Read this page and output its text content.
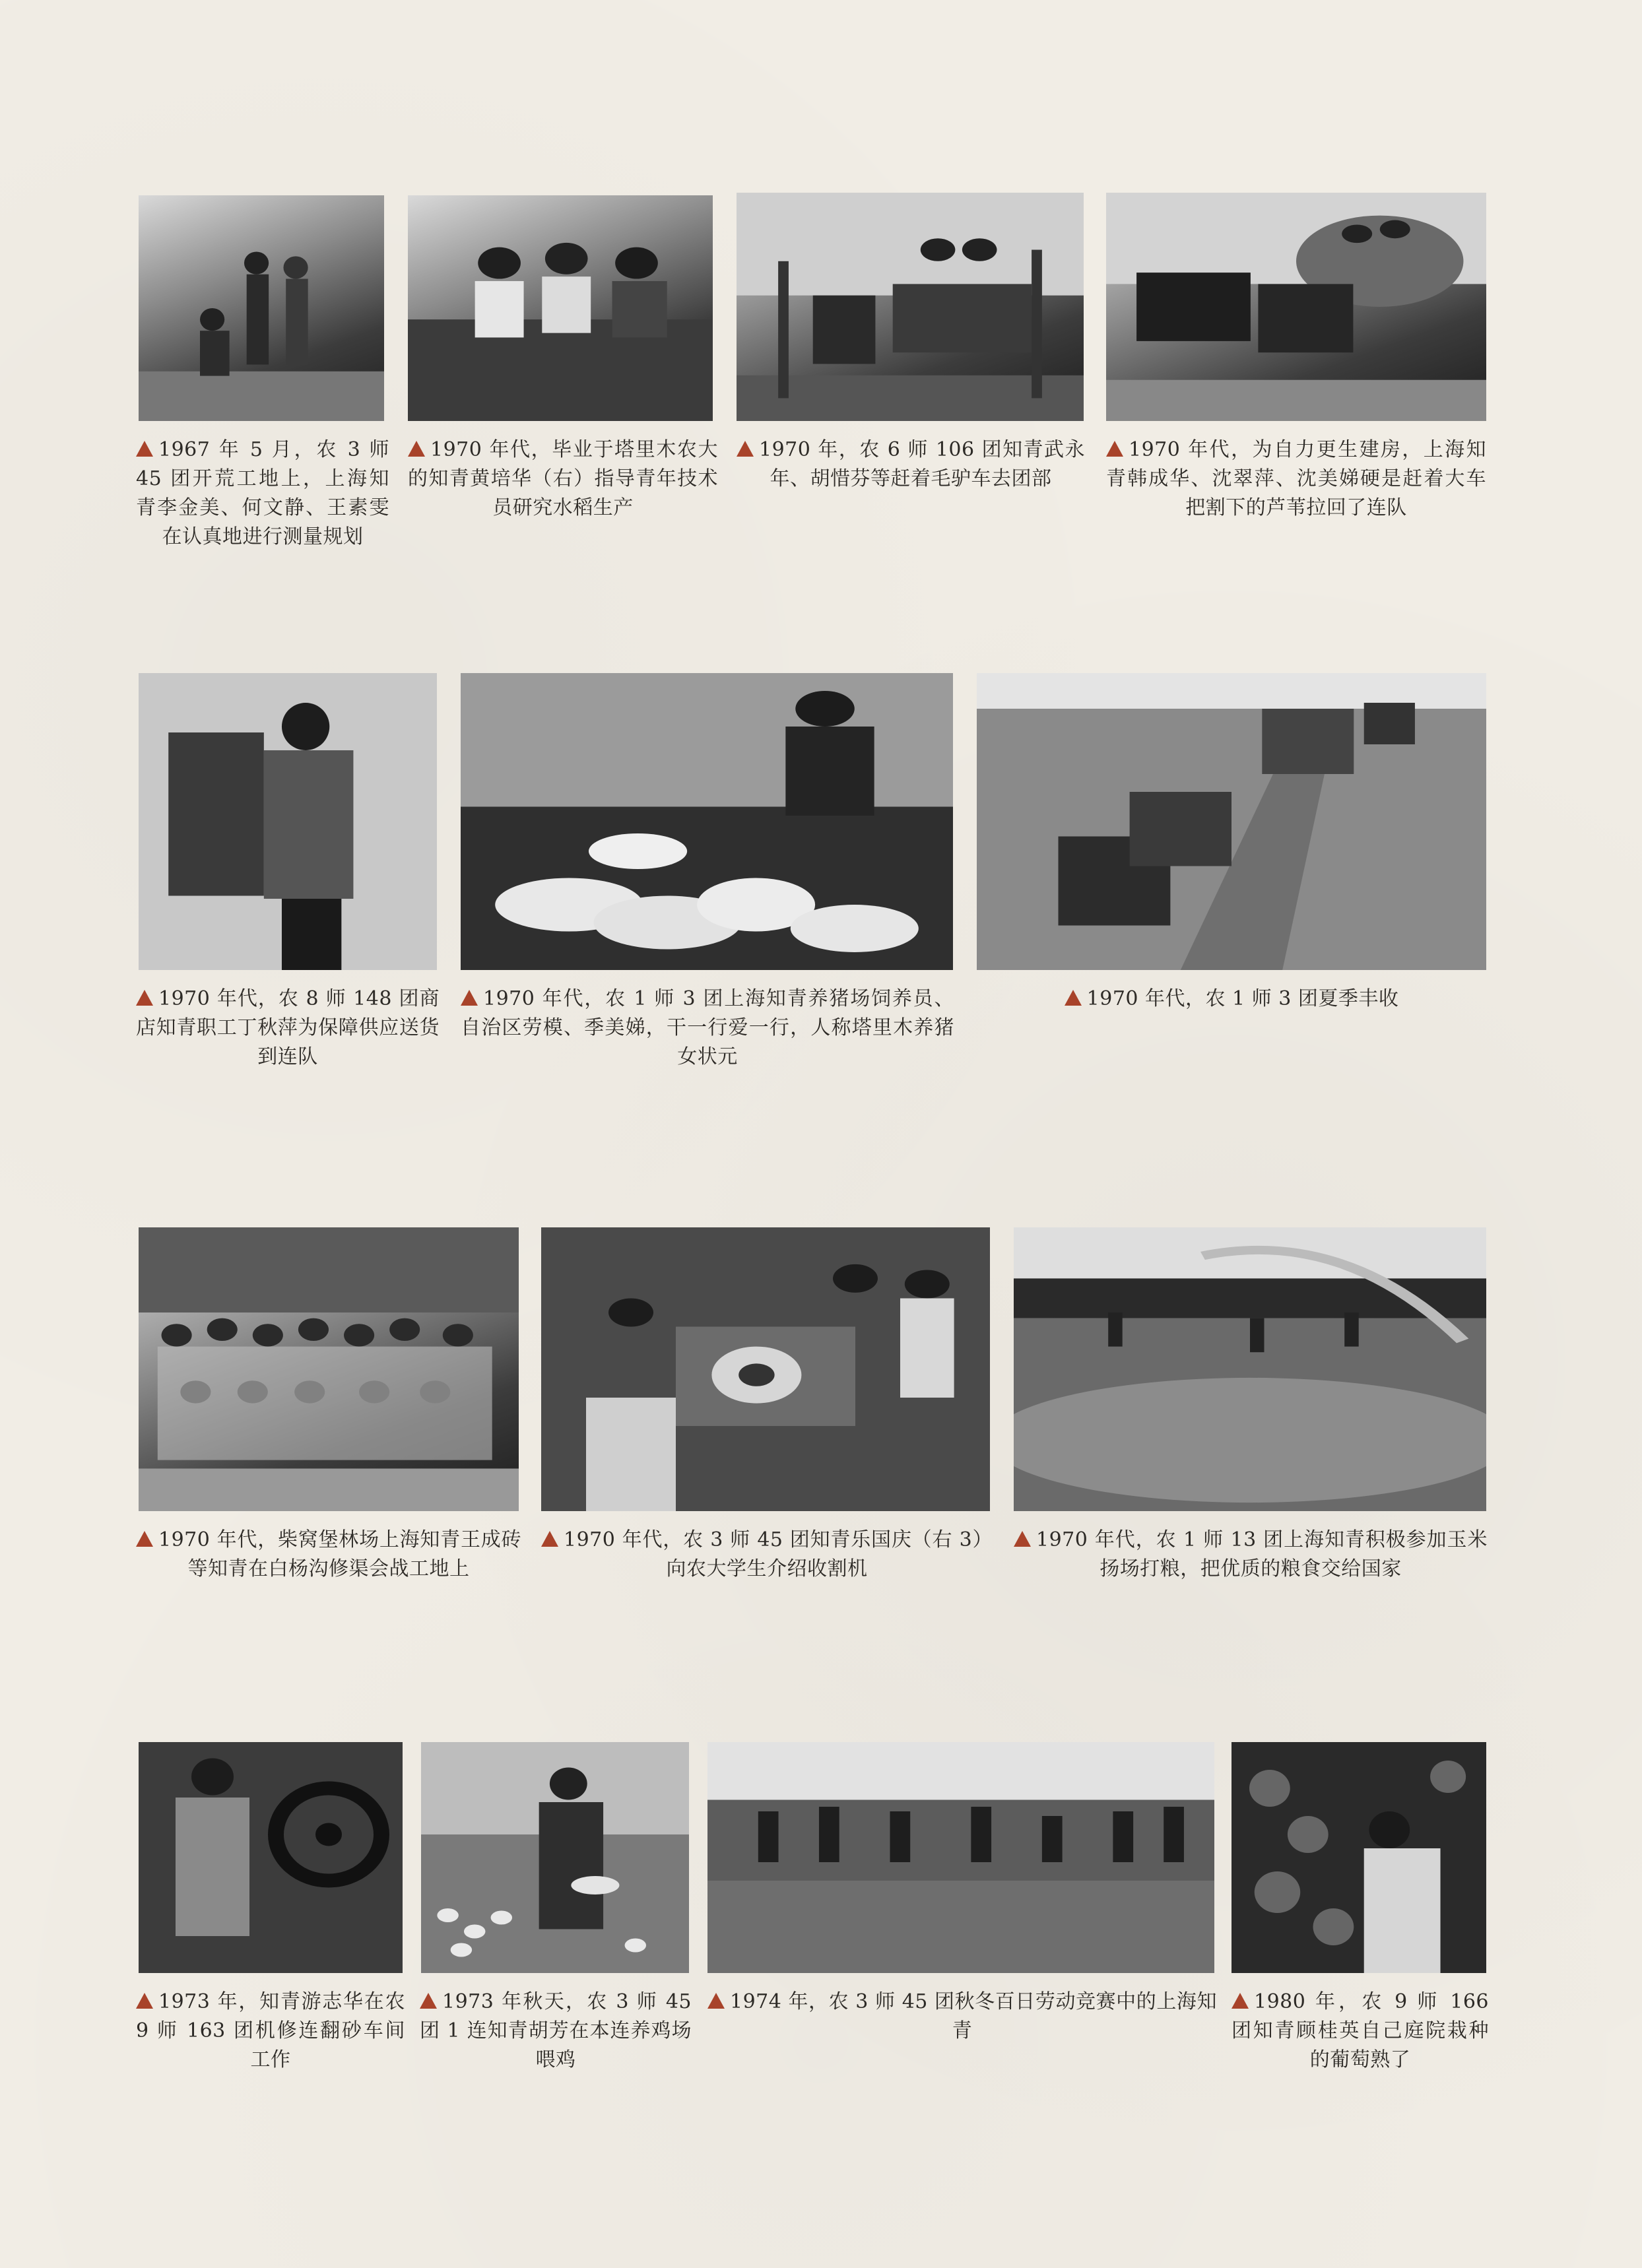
1967 年 5 月，农 3 师 45 团开荒工地上，上海知青李金美、何文静、王素雯在认真地进行测量规划
1970 年代，毕业于塔里木农大的知青黄培华（右）指导青年技术员研究水稻生产
1970 年，农 6 师 106 团知青武永年、胡惜芬等赶着毛驴车去团部
1970 年代，为自力更生建房，上海知青韩成华、沈翠萍、沈美娣硬是赶着大车把割下的芦苇拉回了连队
1970 年代，农 8 师 148 团商店知青职工丁秋萍为保障供应送货到连队
1970 年代，农 1 师 3 团上海知青养猪场饲养员、自治区劳模、季美娣，干一行爱一行，人称塔里木养猪女状元
1970 年代，农 1 师 3 团夏季丰收
1970 年代，柴窝堡林场上海知青王成砖等知青在白杨沟修渠会战工地上
1970 年代，农 3 师 45 团知青乐国庆（右 3）向农大学生介绍收割机
1970 年代，农 1 师 13 团上海知青积极参加玉米扬场打粮，把优质的粮食交给国家
1973 年，知青游志华在农 9 师 163 团机修连翻砂车间工作
1973 年秋天，农 3 师 45 团 1 连知青胡芳在本连养鸡场喂鸡
1974 年，农 3 师 45 团秋冬百日劳动竞赛中的上海知青
1980 年，农 9 师 166 团知青顾桂英自己庭院栽种的葡萄熟了
